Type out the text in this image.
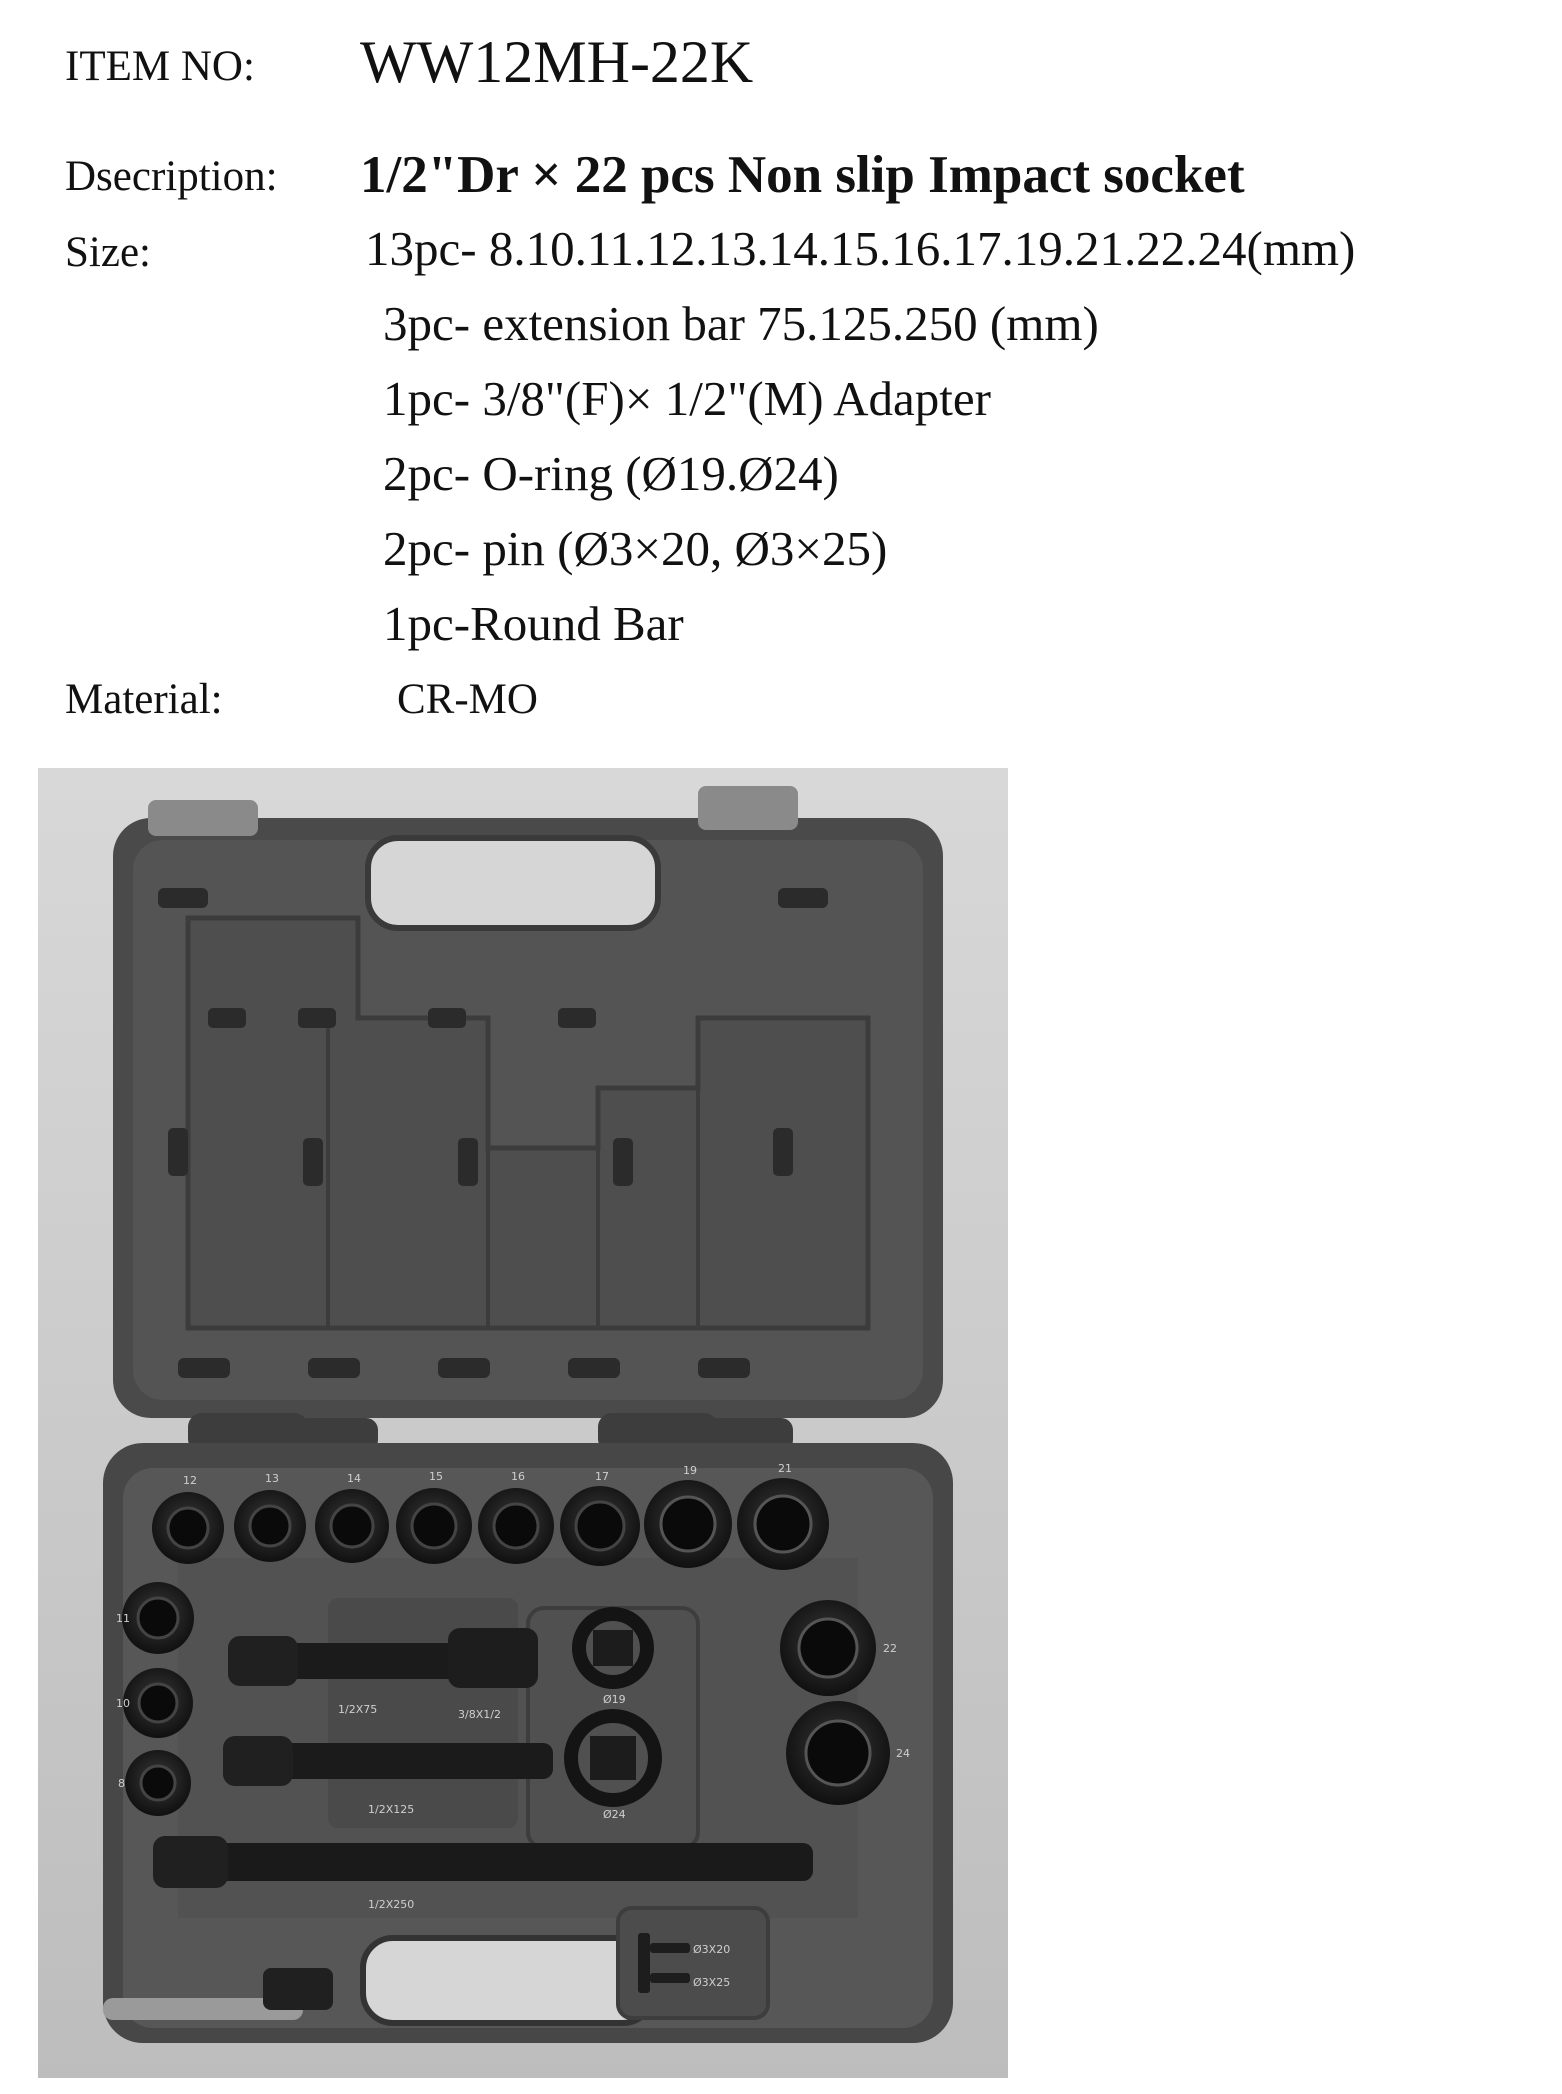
ITEM NO: WW12MH-22K
Dsecription: 1/2"Dr × 22 pcs Non slip Impact socket
Size:	13pc- 8.10.11.12.13.14.15.16.17.19.21.22.24(mm)
3pc- extension bar 75.125.250 (mm)
1pc- 3/8"(F)× 1/2"(M) Adapter
2pc- O-ring (Ø19.Ø24)
2pc- pin (Ø3×20, Ø3×25)
1pc-Round Bar
Material:	CR-MO
1/2X75	3/8X1/2
1/2X125
1/2X250
Ø19
Ø24
Ø3X20
Ø3X25
12	13	14	15	16	17	19	21
11
10
8
22
24
